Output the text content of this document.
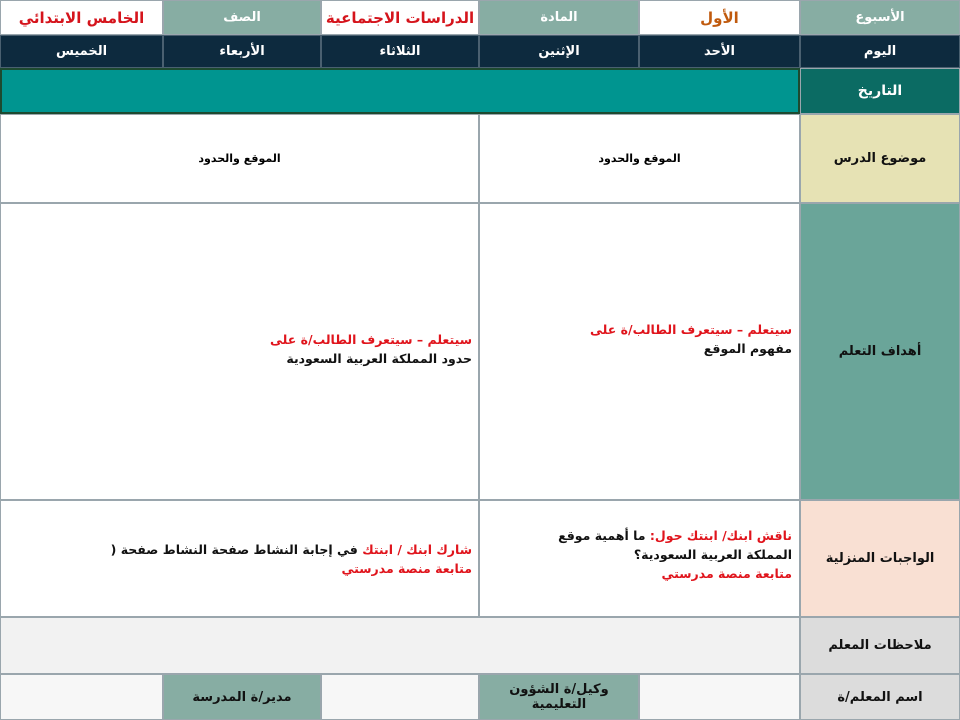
الأسبوع
الأول
المادة
الدراسات الاجتماعية
الصف
الخامس الابتدائي
اليوم
الأحد
الإثنين
الثلاثاء
الأربعاء
الخميس
التاريخ
موضوع الدرس
الموقع والحدود
الموقع والحدود
أهداف التعلم
سيتعلم – سيتعرف الطالب/ة على
مفهوم الموقع
سيتعلم – سيتعرف الطالب/ة على
حدود المملكة العربية السعودية
الواجبات المنزلية
ناقش ابنك/ ابنتك حول: ما أهمية موقع المملكة العربية السعودية؟
متابعة منصة مدرستي
شارك ابنك / ابنتك في إجابة النشاط صفحة النشاط صفحة (
متابعة منصة مدرستي
ملاحظات المعلم
اسم المعلم/ة
وكيل/ة الشؤون التعليمية
مدير/ة المدرسة
